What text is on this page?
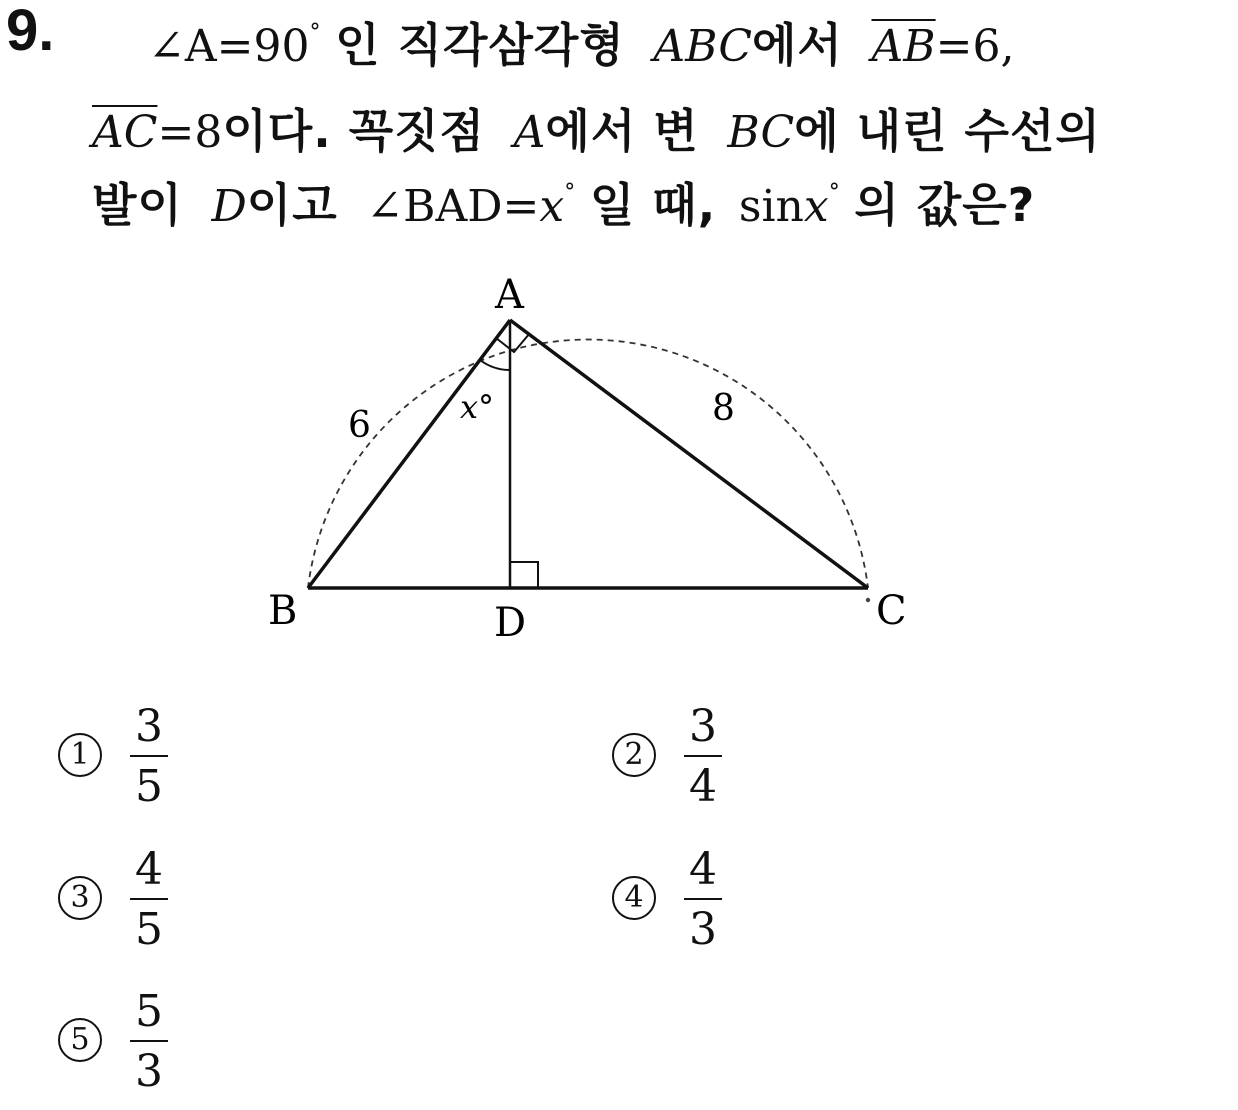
9. ∠A=90° 인 직각삼각형 ABC에서 $\overline{AB}=6$,
$\overline{AC}=8$이다. 꼭짓점 A에서 변 BC에 내린 수선의
발이 D이고 ∠BAD=x° 일 때, sinx° 의 값은?
A
B	C
D
6	8
x°
1
3
5
2
3
4
3
4
5
4
4
3
5
5
3
